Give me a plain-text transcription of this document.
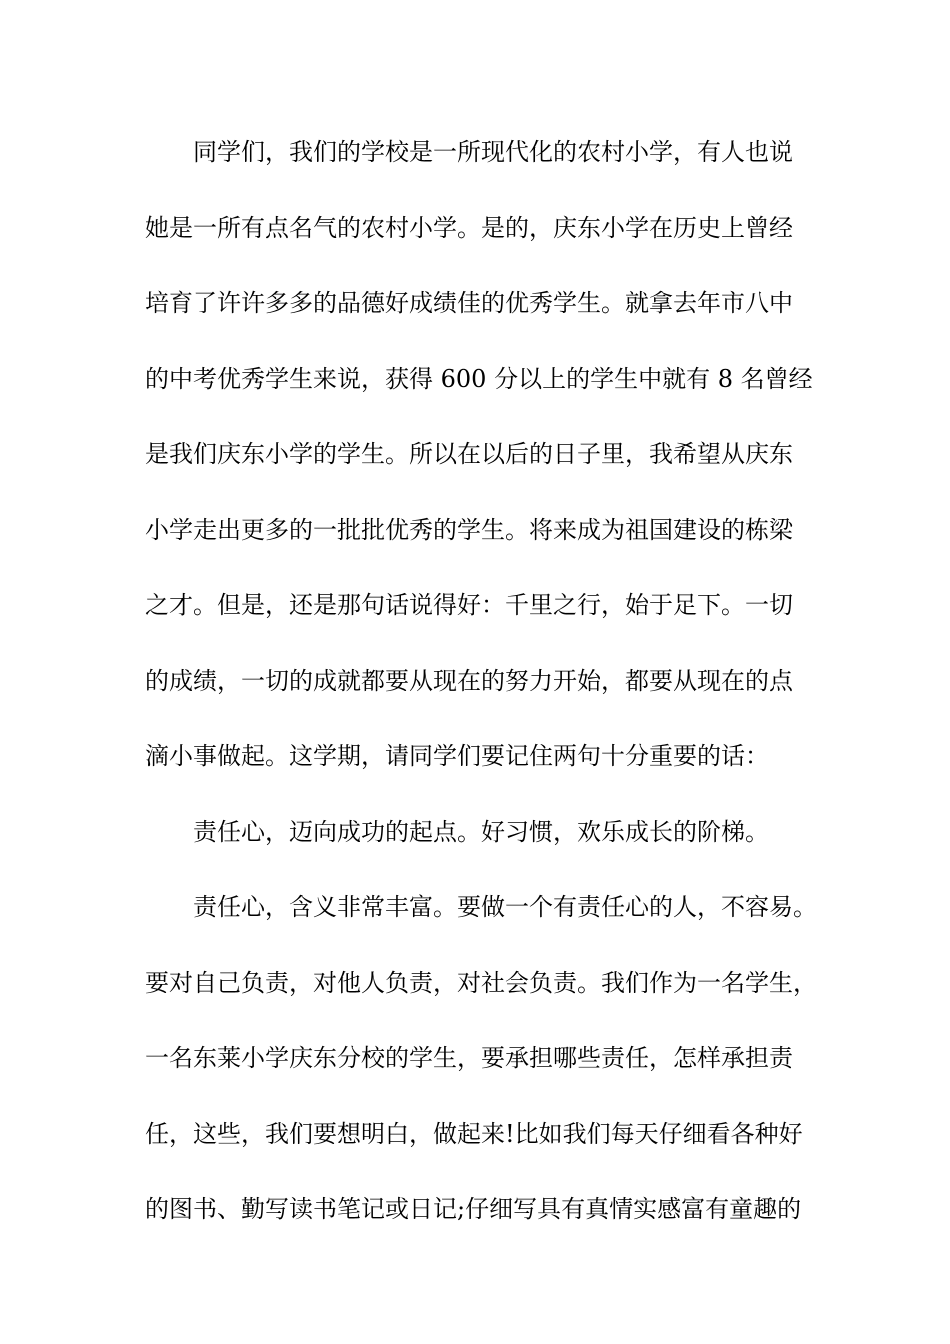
同学们，我们的学校是一所现代化的农村小学，有人也说
她是一所有点名气的农村小学。是的，庆东小学在历史上曾经
培育了许许多多的品德好成绩佳的优秀学生。就拿去年市八中
的中考优秀学生来说，获得 600 分以上的学生中就有 8 名曾经
是我们庆东小学的学生。所以在以后的日子里，我希望从庆东
小学走出更多的一批批优秀的学生。将来成为祖国建设的栋梁
之才。但是，还是那句话说得好：千里之行，始于足下。一切
的成绩，一切的成就都要从现在的努力开始，都要从现在的点
滴小事做起。这学期，请同学们要记住两句十分重要的话：
责任心，迈向成功的起点。好习惯，欢乐成长的阶梯。
责任心，含义非常丰富。要做一个有责任心的人，不容易。
要对自己负责，对他人负责，对社会负责。我们作为一名学生，
一名东莱小学庆东分校的学生，要承担哪些责任，怎样承担责
任，这些，我们要想明白，做起来!比如我们每天仔细看各种好
的图书、勤写读书笔记或日记;仔细写具有真情实感富有童趣的
